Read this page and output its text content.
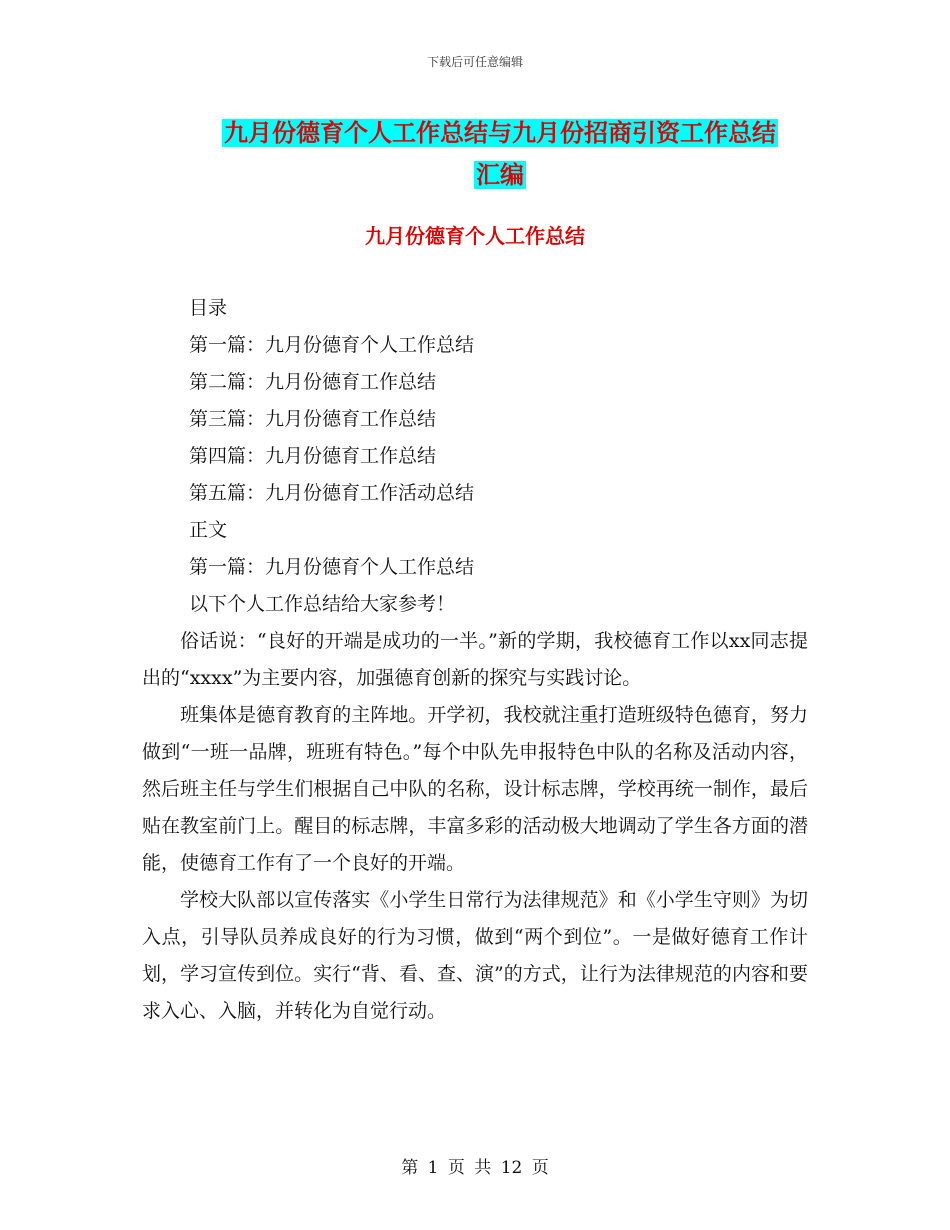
下载后可任意编辑
九月份德育个人工作总结与九月份招商引资工作总结
汇编
九月份德育个人工作总结
目录
第一篇：九月份德育个人工作总结
第二篇：九月份德育工作总结
第三篇：九月份德育工作总结
第四篇：九月份德育工作总结
第五篇：九月份德育工作活动总结
正文
第一篇：九月份德育个人工作总结
以下个人工作总结给大家参考！
俗话说：“良好的开端是成功的一半。”新的学期，我校德育工作以xx同志提出的“xxxx”为主要内容，加强德育创新的探究与实践讨论。
班集体是德育教育的主阵地。开学初，我校就注重打造班级特色德育，努力做到“一班一品牌，班班有特色。”每个中队先申报特色中队的名称及活动内容，然后班主任与学生们根据自己中队的名称，设计标志牌，学校再统一制作，最后贴在教室前门上。醒目的标志牌，丰富多彩的活动极大地调动了学生各方面的潜能，使德育工作有了一个良好的开端。
学校大队部以宣传落实《小学生日常行为法律规范》和《小学生守则》为切入点，引导队员养成良好的行为习惯，做到“两个到位”。一是做好德育工作计划，学习宣传到位。实行“背、看、查、演”的方式，让行为法律规范的内容和要求入心、入脑，并转化为自觉行动。
第 1 页 共 12 页
